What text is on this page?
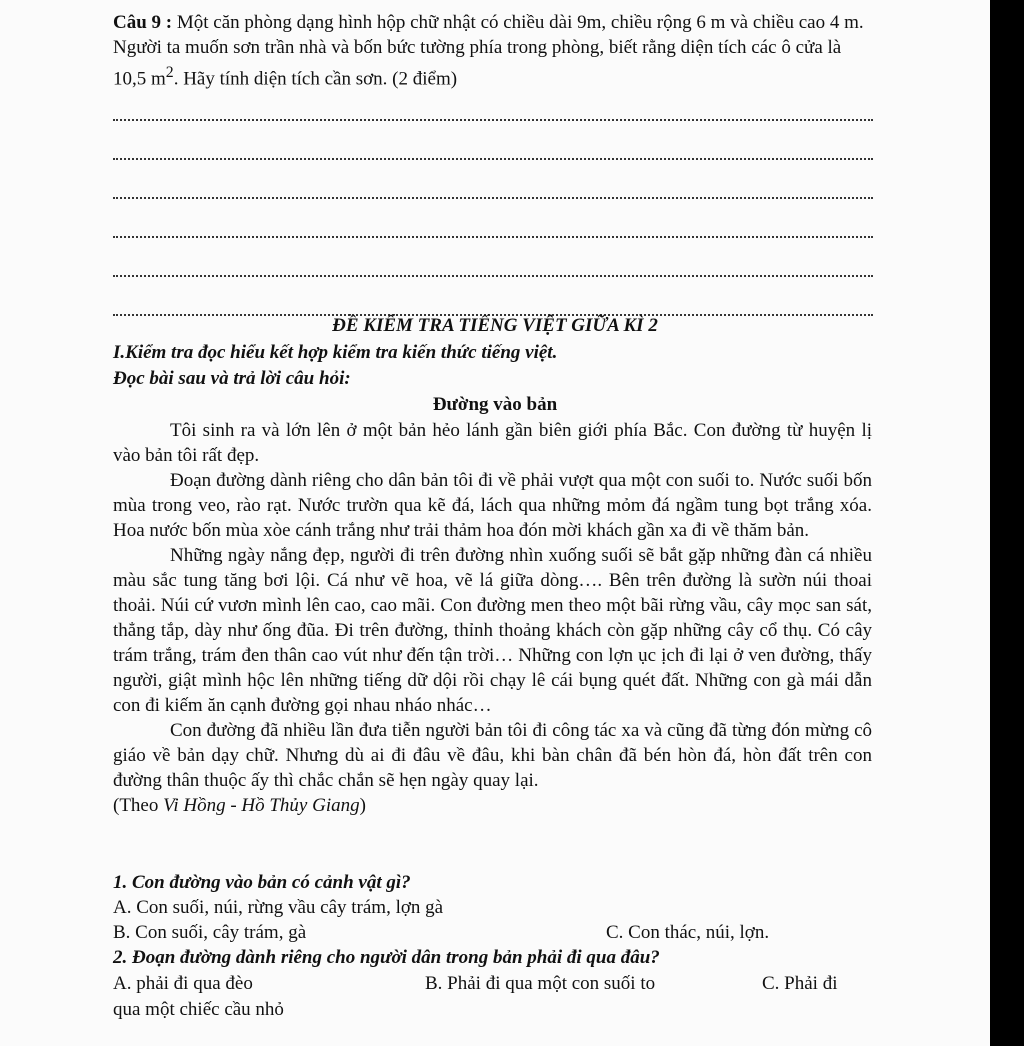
Câu 9 : Một căn phòng dạng hình hộp chữ nhật có chiều dài 9m, chiều rộng 6 m và chiều cao 4 m. Người ta muốn sơn trần nhà và bốn bức tường phía trong phòng, biết rằng diện tích các ô cửa là 10,5 $m^2$. Hãy tính diện tích cần sơn. (2 điểm)
ĐỀ KIỂM TRA TIẾNG VIỆT GIỮA KÌ 2
I.Kiểm tra đọc hiểu kết hợp kiểm tra kiến thức tiếng việt.
Đọc bài sau và trả lời câu hỏi:
Đường vào bản

Tôi sinh ra và lớn lên ở một bản hẻo lánh gần biên giới phía Bắc. Con đường từ huyện lị vào bản tôi rất đẹp.

Đoạn đường dành riêng cho dân bản tôi đi về phải vượt qua một con suối to. Nước suối bốn mùa trong veo, rào rạt. Nước trườn qua kẽ đá, lách qua những mỏm đá ngầm tung bọt trắng xóa. Hoa nước bốn mùa xòe cánh trắng như trải thảm hoa đón mời khách gần xa đi về thăm bản.

Những ngày nắng đẹp, người đi trên đường nhìn xuống suối sẽ bắt gặp những đàn cá nhiều màu sắc tung tăng bơi lội. Cá như vẽ hoa, vẽ lá giữa dòng…. Bên trên đường là sườn núi thoai thoải. Núi cứ vươn mình lên cao, cao mãi. Con đường men theo một bãi rừng vầu, cây mọc san sát, thẳng tắp, dày như ống đũa. Đi trên đường, thỉnh thoảng khách còn gặp những cây cổ thụ. Có cây trám trắng, trám đen thân cao vút như đến tận trời… Những con lợn ục ịch đi lại ở ven đường, thấy người, giật mình hộc lên những tiếng dữ dội rồi chạy lê cái bụng quét đất. Những con gà mái dẫn con đi kiếm ăn cạnh đường gọi nhau nháo nhác…

Con đường đã nhiều lần đưa tiễn người bản tôi đi công tác xa và cũng đã từng đón mừng cô giáo về bản dạy chữ. Nhưng dù ai đi đâu về đâu, khi bàn chân đã bén hòn đá, hòn đất trên con đường thân thuộc ấy thì chắc chắn sẽ hẹn ngày quay lại.

(Theo Vi Hồng - Hồ Thủy Giang)
1. Con đường vào bản có cảnh vật gì?
A. Con suối, núi, rừng vầu cây trám, lợn gà
B. Con suối, cây trám, gà	C. Con thác, núi, lợn.
2. Đoạn đường dành riêng cho người dân trong bản phải đi qua đâu?
A. phải đi qua đèo	B. Phải đi qua một con suối to	C. Phải đi
qua một chiếc cầu nhỏ
